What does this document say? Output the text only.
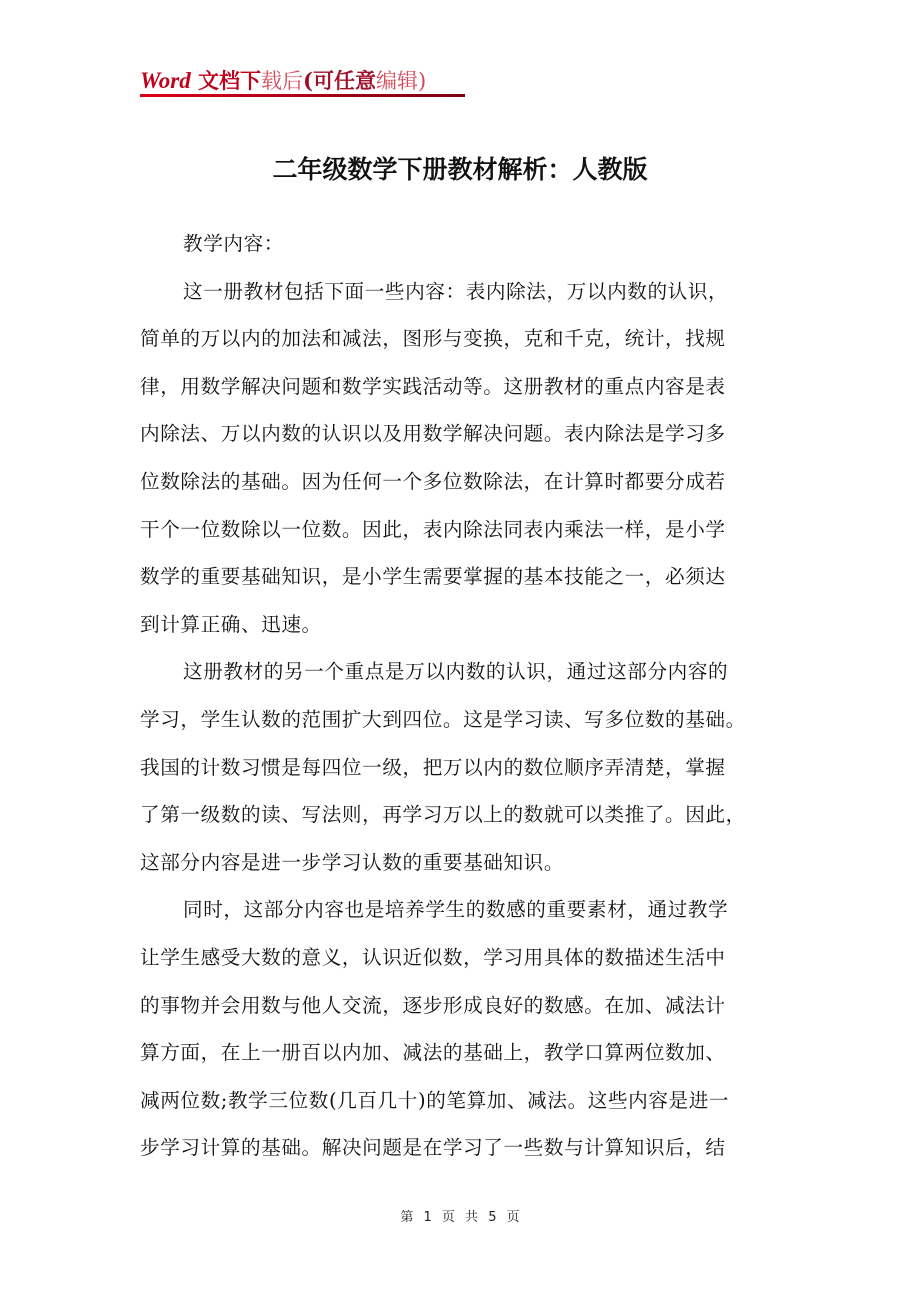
Word 文档下载后(可任意编辑)
二年级数学下册教材解析：人教版
教学内容：
这一册教材包括下面一些内容：表内除法，万以内数的认识，
简单的万以内的加法和减法，图形与变换，克和千克，统计，找规
律，用数学解决问题和数学实践活动等。这册教材的重点内容是表
内除法、万以内数的认识以及用数学解决问题。表内除法是学习多
位数除法的基础。因为任何一个多位数除法，在计算时都要分成若
干个一位数除以一位数。因此，表内除法同表内乘法一样，是小学
数学的重要基础知识，是小学生需要掌握的基本技能之一，必须达
到计算正确、迅速。
这册教材的另一个重点是万以内数的认识，通过这部分内容的
学习，学生认数的范围扩大到四位。这是学习读、写多位数的基础。
我国的计数习惯是每四位一级，把万以内的数位顺序弄清楚，掌握
了第一级数的读、写法则，再学习万以上的数就可以类推了。因此，
这部分内容是进一步学习认数的重要基础知识。
同时，这部分内容也是培养学生的数感的重要素材，通过教学
让学生感受大数的意义，认识近似数，学习用具体的数描述生活中
的事物并会用数与他人交流，逐步形成良好的数感。在加、减法计
算方面，在上一册百以内加、减法的基础上，教学口算两位数加、
减两位数;教学三位数(几百几十)的笔算加、减法。这些内容是进一
步学习计算的基础。解决问题是在学习了一些数与计算知识后，结
第 1 页 共 5 页
